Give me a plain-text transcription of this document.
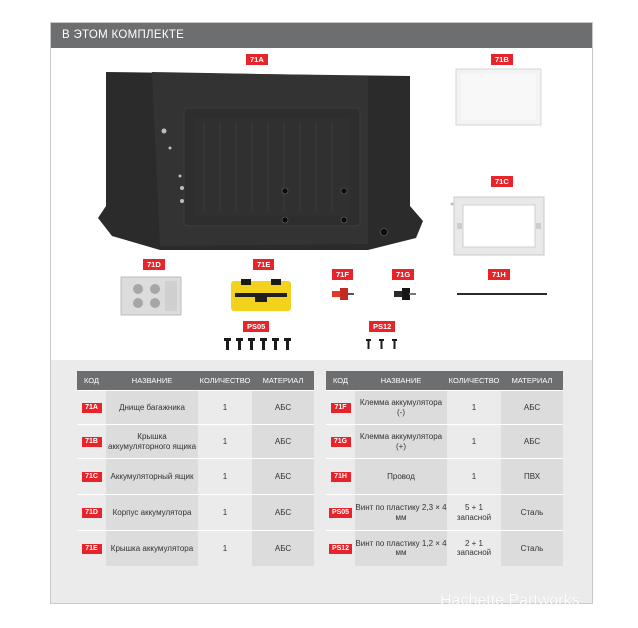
В ЭТОМ КОМПЛЕКТЕ
71A	71B
71C
71D	71E
71F	71G	71H
PS05	PS12
КОД	НАЗВАНИЕ	КОЛИЧЕСТВО	МАТЕРИАЛ
71A	Днище багажника	1	АБС
71B	Крышка аккумуляторного ящика	1	АБС
71C	Аккумуляторный ящик	1	АБС
71D	Корпус аккумулятора	1	АБС
71E	Крышка аккумулятора	1	АБС
КОД	НАЗВАНИЕ	КОЛИЧЕСТВО	МАТЕРИАЛ
71F	Клемма аккумулятора (-)	1	АБС
71G	Клемма аккумулятора (+)	1	АБС
71H	Провод	1	ПВХ
PS05	Винт по пластику 2,3 × 4 мм	5 + 1 запасной	Сталь
PS12	Винт по пластику 1,2 × 4 мм	2 + 1 запасной	Сталь
Hachette Partworks
